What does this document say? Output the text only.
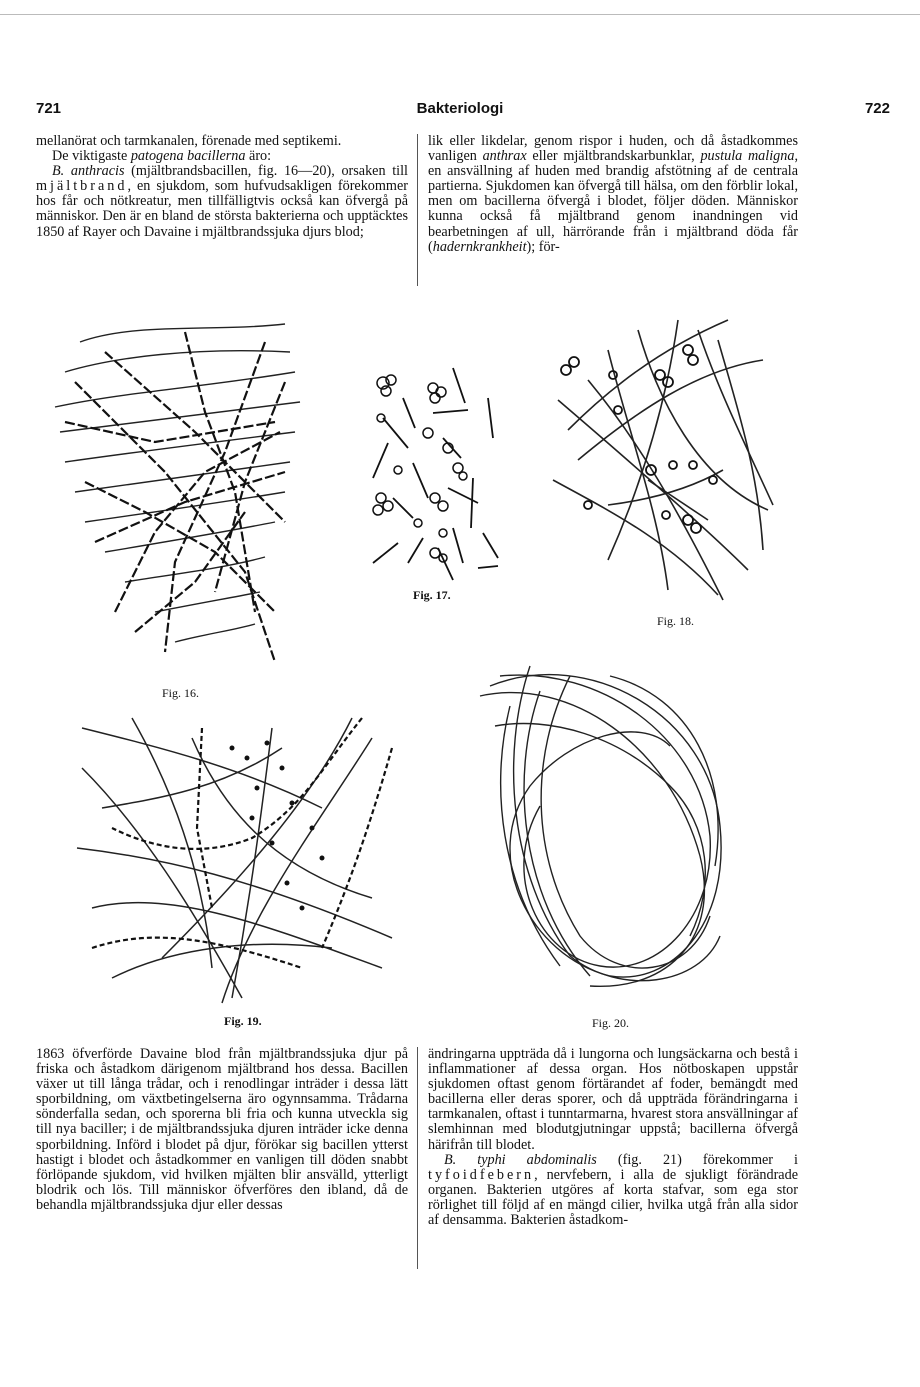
721	Bakteriologi	722

mellanörat och tarmkanalen, förenade med septikemi.

De viktigaste patogena bacillerna äro:

B. anthracis (mjältbrandsbacillen, fig. 16—20), orsaken till mjältbrand, en sjukdom, som hufvudsakligen förekommer hos får och nötkreatur, men tillfälligtvis också kan öfvergå på människor. Den är en bland de största bakterierna och upptäcktes 1850 af Rayer och Davaine i mjältbrandssjuka djurs blod;

lik eller likdelar, genom rispor i huden, och då åstadkommes vanligen anthrax eller mjältbrandskarbunklar, pustula maligna, en ansvällning af huden med brandig afstötning af de centrala partierna. Sjukdomen kan öfvergå till hälsa, om den förblir lokal, men om bacillerna öfvergå i blodet, följer döden. Människor kunna också få mjältbrand genom inandningen vid bearbetningen af ull, härrörande från i mjältbrand döda får (hadernkrankheit); för-

Fig. 16.
Fig. 17.
Fig. 18.
Fig. 19.	Fig. 20.

1863 öfverförde Davaine blod från mjältbrandssjuka djur på friska och åstadkom därigenom mjältbrand hos dessa. Bacillen växer ut till långa trådar, och i renodlingar inträder i dessa lätt sporbildning, om växtbetingelserna äro ogynnsamma. Trådarna sönderfalla sedan, och sporerna bli fria och kunna utveckla sig till nya baciller; i de mjältbrandssjuka djuren inträder icke denna sporbildning. Införd i blodet på djur, förökar sig bacillen ytterst hastigt i blodet och åstadkommer en vanligen till döden snabbt förlöpande sjukdom, vid hvilken mjälten blir ansvälld, ytterligt blodrik och lös. Till människor öfverföres den ibland, då de behandla mjältbrandssjuka djur eller dessas

ändringarna uppträda då i lungorna och lungsäckarna och bestå i inflammationer af dessa organ. Hos nötboskapen uppstår sjukdomen oftast genom förtärandet af foder, bemängdt med bacillerna eller deras sporer, och då uppträda förändringarna i tarmkanalen, oftast i tunntarmarna, hvarest stora ansvällningar af slemhinnan med blodutgjutningar uppstå; bacillerna öfvergå härifrån till blodet.

B. typhi abdominalis (fig. 21) förekommer i tyfoidfebern, nervfebern, i alla de sjukligt förändrade organen. Bakterien utgöres af korta stafvar, som ega stor rörlighet till följd af en mängd cilier, hvilka utgå från alla sidor af densamma. Bakterien åstadkom-
